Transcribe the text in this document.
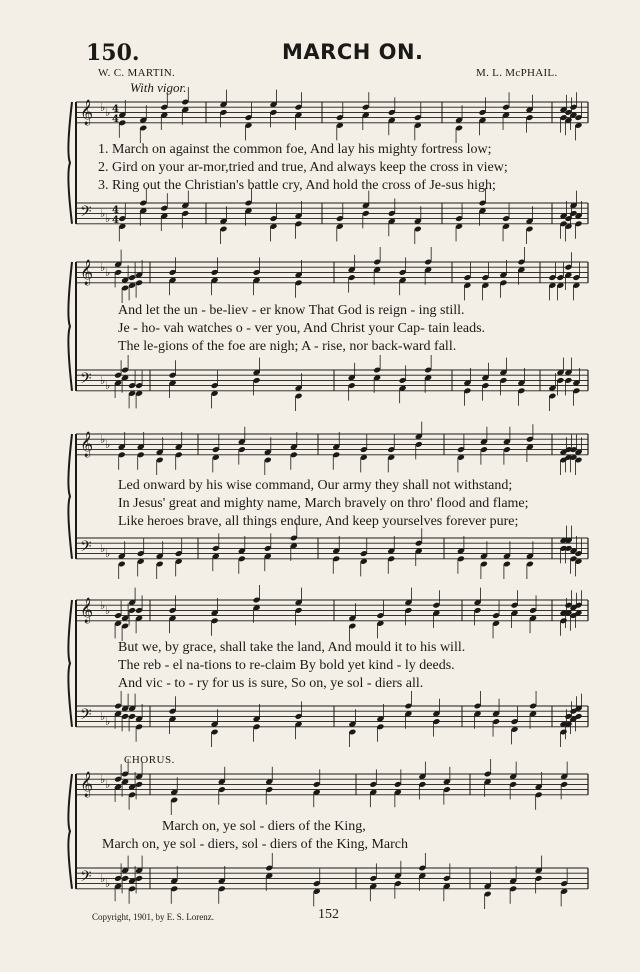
150.	MARCH ON.
W. C. MARTIN.	M. L. McPHAIL.
With vigor.
𝄞
𝄢
♭ ♭
♭ ♭
4
4
4
4
𝄞
𝄢
♭ ♭
♭ ♭
𝄞
𝄢
♭ ♭
♭ ♭
𝄞
𝄢
♭ ♭
♭ ♭
𝄞
𝄢
♭ ♭
♭ ♭
1. March on against the common foe, And lay his mighty fortress low;
2. Gird on your ar-mor,tried and true, And always keep the cross in view;
3. Ring out the Christian's battle cry, And hold the cross of Je-sus high;
And let the un - be-liev - er know That God is reign - ing still.
Je - ho- vah watches o - ver you, And Christ your Cap- tain leads.
The le-gions of the foe are nigh; A - rise, nor back-ward fall.
Led onward by his wise command, Our army they shall not withstand;
In Jesus' great and mighty name, March bravely on thro' flood and flame;
Like heroes brave, all things endure, And keep yourselves forever pure;
But we, by grace, shall take the land, And mould it to his will.
The reb - el na-tions to re-claim By bold yet kind - ly deeds.
And vic - to - ry for us is sure, So on, ye sol - diers all.
CHORUS.
March on, ye sol - diers of the King,
March on, ye sol - diers, sol - diers of the King, March
Copyright, 1901, by E. S. Lorenz.	152
